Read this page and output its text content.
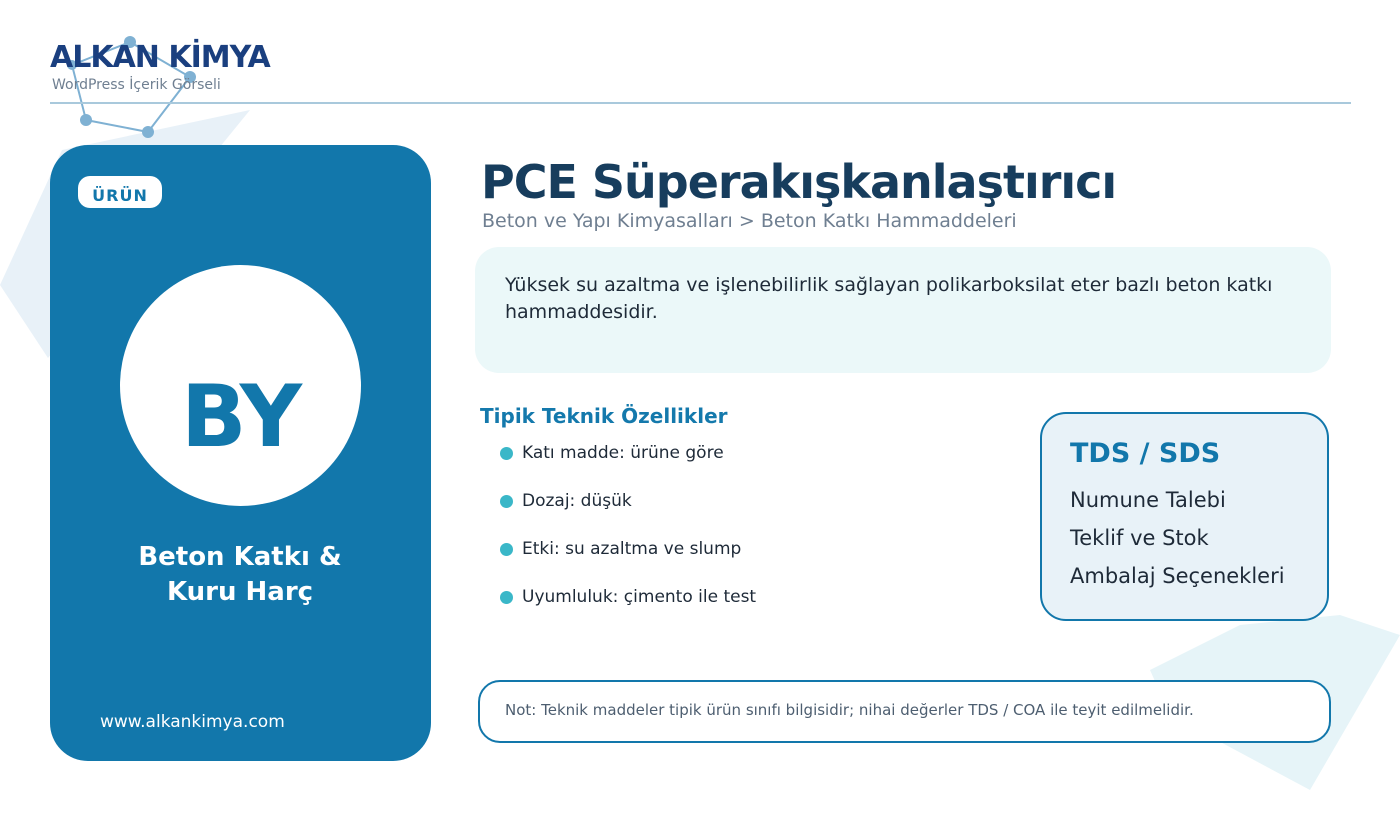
ALKAN KİMYA
WordPress İçerik Görseli
ÜRÜN
BY
Beton Katkı & Kuru Harç
www.alkankimya.com
PCE Süperakışkanlaştırıcı
Beton ve Yapı Kimyasalları > Beton Katkı Hammaddeleri
Yüksek su azaltma ve işlenebilirlik sağlayan polikarboksilat eter bazlı beton katkı hammaddesidir.
Tipik Teknik Özellikler
Katı madde: ürüne göre
Dozaj: düşük
Etki: su azaltma ve slump
Uyumluluk: çimento ile test
TDS / SDS
Numune Talebi
Teklif ve Stok
Ambalaj Seçenekleri
Not: Teknik maddeler tipik ürün sınıfı bilgisidir; nihai değerler TDS / COA ile teyit edilmelidir.
